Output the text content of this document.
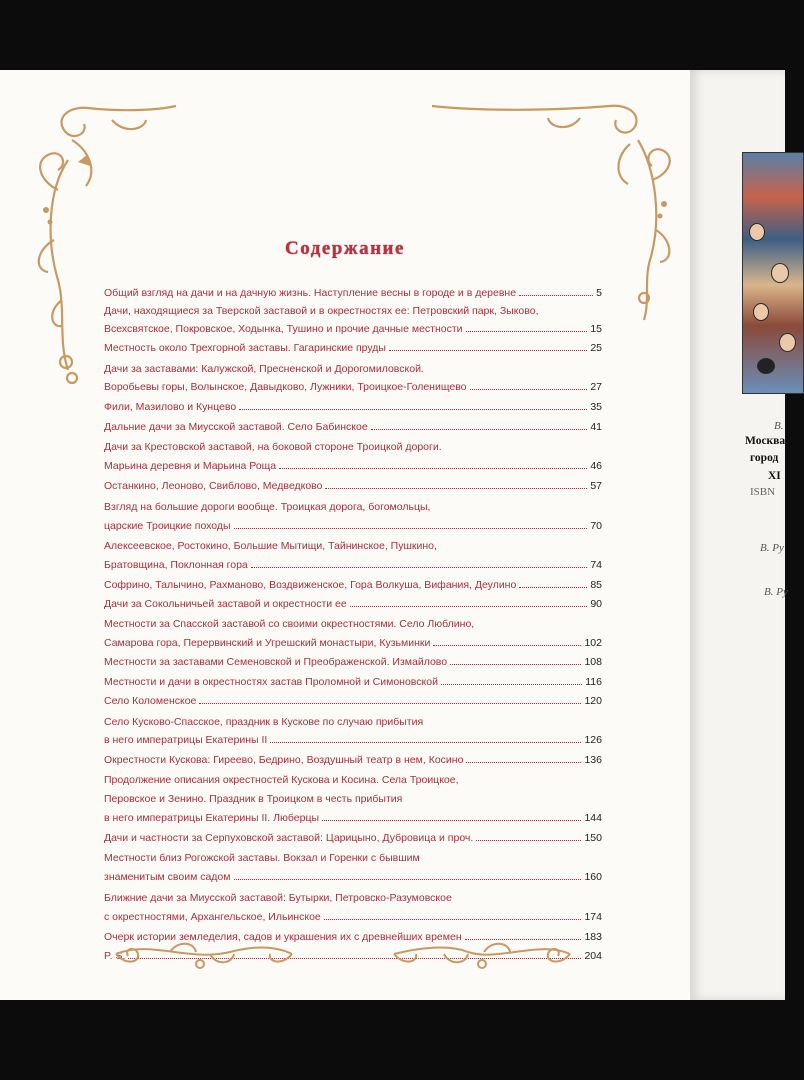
Содержание
Общий взгляд на дачи и на дачную жизнь. Наступление весны в городе и в деревне	5
Дачи, находящиеся за Тверской заставой и в окрестностях ее: Петровский парк, Зыково,
Всехсвятское, Покровское, Ходынка, Тушино и прочие дачные местности	15
Местность около Трехгорной заставы. Гагаринские пруды	25
Дачи за заставами: Калужской, Пресненской и Дорогомиловской.
Воробьевы горы, Волынское, Давыдково, Лужники, Троицкое-Голенищево	27
Фили, Мазилово и Кунцево	35
Дальние дачи за Миусской заставой. Село Бабинское	41
Дачи за Крестовской заставой, на боковой стороне Троицкой дороги.
Марьина деревня и Марьина Роща	46
Останкино, Леоново, Свиблово, Медведково	57
Взгляд на большие дороги вообще. Троицкая дорога, богомольцы,
царские Троицкие походы	70
Алексеевское, Ростокино, Большие Мытищи, Тайнинское, Пушкино,
Братовщина, Поклонная гора	74
Софрино, Талычино, Рахманово, Воздвиженское, Гора Волкуша, Вифания, Деулино	85
Дачи за Сокольничьей заставой и окрестности ее	90
Местности за Спасской заставой со своими окрестностями. Село Люблино,
Самарова гора, Перервинский и Угрешский монастыри, Кузьминки	102
Местности за заставами Семеновской и Преображенской. Измайлово	108
Местности и дачи в окрестностях застав Проломной и Симоновской	116
Село Коломенское	120
Село Кусково-Спасское, праздник в Кускове по случаю прибытия
в него императрицы Екатерины II	126
Окрестности Кускова: Гиреево, Бедрино, Воздушный театр в нем, Косино	136
Продолжение описания окрестностей Кускова и Косина. Села Троицкое,
Перовское и Зенино. Праздник в Троицком в честь прибытия
в него императрицы Екатерины II. Люберцы	144
Дачи и частности за Серпуховской заставой: Царицыно, Дубровица и проч.	150
Местности близ Рогожской заставы. Вокзал и Горенки с бывшим
знаменитым своим садом	160
Ближние дачи за Миусской заставой: Бутырки, Петровско-Разумовское
с окрестностями, Архангельское, Ильинское	174
Очерк истории земледелия, садов и украшения их с древнейших времен	183
P. S.	204
В.
Москва
город
XI
ISBN
В. Ру
В. Ру
